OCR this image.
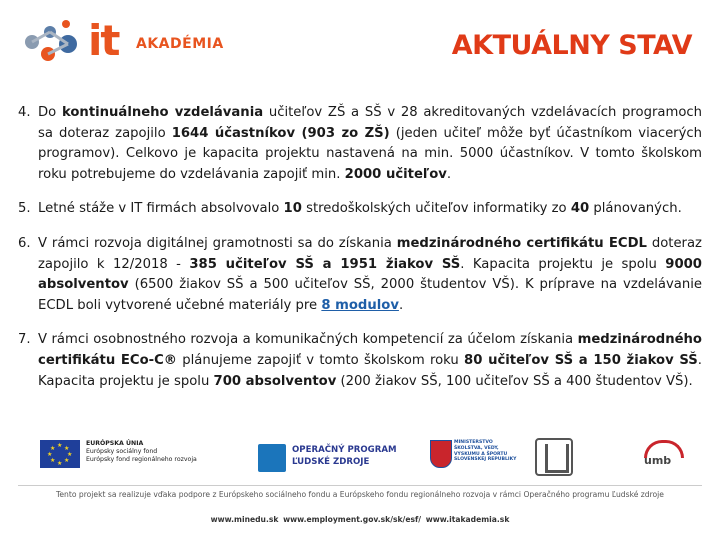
it AKADÉMIA	AKTUÁLNY STAV
4. Do kontinuálneho vzdelávania učiteľov ZŠ a SŠ v 28 akreditovaných vzdelávacích programoch sa doteraz zapojilo 1644 účastníkov (903 zo ZŠ) (jeden učiteľ môže byť účastníkom viacerých programov). Celkovo je kapacita projektu nastavená na min. 5000 účastníkov. V tomto školskom roku potrebujeme do vzdelávania zapojiť min. 2000 učiteľov.
5. Letné stáže v IT firmách absolvovalo 10 stredoškolských učiteľov informatiky zo 40 plánovaných.
6. V rámci rozvoja digitálnej gramotnosti sa do získania medzinárodného certifikátu ECDL doteraz zapojilo k 12/2018 - 385 učiteľov SŠ a 1951 žiakov SŠ. Kapacita projektu je spolu 9000 absolventov (6500 žiakov SŠ a 500 učiteľov SŠ, 2000 študentov VŠ). K príprave na vzdelávanie ECDL boli vytvorené učebné materiály pre 8 modulov.
7. V rámci osobnostného rozvoja a komunikačných kompetencií za účelom získania medzinárodného certifikátu ECo-C® plánujeme zapojiť v tomto školskom roku 80 učiteľov SŠ a 150 žiakov SŠ. Kapacita projektu je spolu 700 absolventov (200 žiakov SŠ, 100 učiteľov SŠ a 400 študentov VŠ).
★ ★
★
★
★
★
★
★
EURÓPSKA ÚNIA
Európsky sociálny fond
Európsky fond regionálneho rozvoja
OPERAČNÝ PROGRAM
ĽUDSKÉ ZDROJE
MINISTERSTVO ŠKOLSTVA, VEDY, VÝSKUMU A ŠPORTU SLOVENSKEJ REPUBLIKY	umb
Tento projekt sa realizuje vďaka podpore z Európskeho sociálneho fondu a Európskeho fondu regionálneho rozvoja v rámci Operačného programu Ľudské zdroje
www.minedu.sk www.employment.gov.sk/sk/esf/ www.itakademia.sk
